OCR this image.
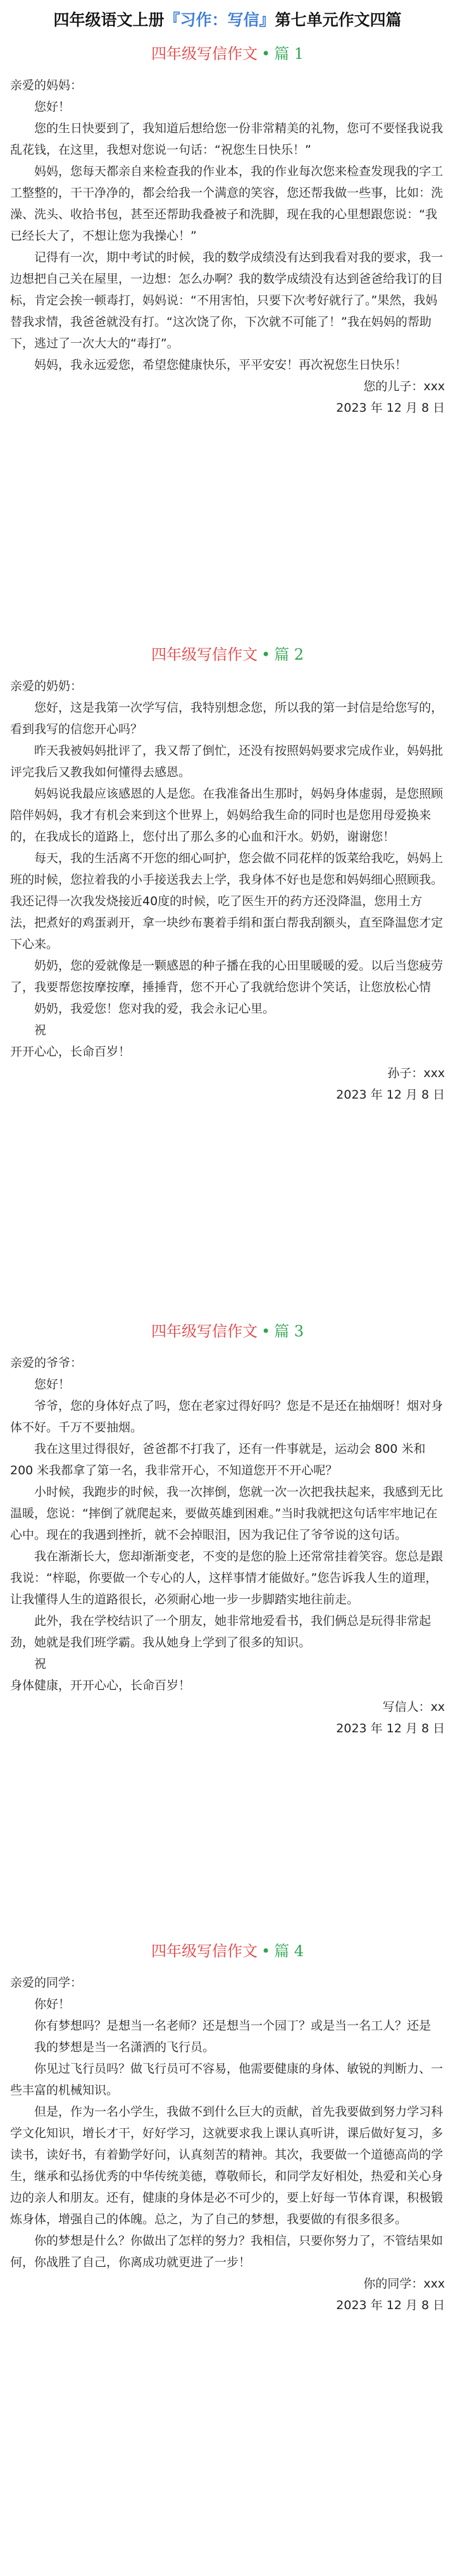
四年级语文上册『习作：写信』第七单元作文四篇
四年级写信作文 • 篇 1

亲爱的妈妈：

您好！

您的生日快要到了，我知道后想给您一份非常精美的礼物，您可不要怪我说我乱花钱，在这里，我想对您说一句话：“祝您生日快乐！”

妈妈，您每天都亲自来检查我的作业本，我的作业每次您来检查发现我的字工工整整的，干干净净的，都会给我一个满意的笑容，您还帮我做一些事，比如：洗澡、洗头、收拾书包，甚至还帮助我叠被子和洗脚，现在我的心里想跟您说：“我已经长大了，不想让您为我操心！”

记得有一次，期中考试的时候，我的数学成绩没有达到我看对我的要求，我一边想把自己关在屋里，一边想：怎么办啊？我的数学成绩没有达到爸爸给我订的目标，肯定会挨一顿毒打，妈妈说：“不用害怕，只要下次考好就行了。”果然，我妈替我求情，我爸爸就没有打。“这次饶了你，下次就不可能了！”我在妈妈的帮助下，逃过了一次大大的“毒打”。

妈妈，我永远爱您，希望您健康快乐，平平安安！再次祝您生日快乐！

您的儿子：xxx

2023 年 12 月 8 日

四年级写信作文 • 篇 2

亲爱的奶奶：

您好，这是我第一次学写信，我特别想念您，所以我的第一封信是给您写的，看到我写的信您开心吗？

昨天我被妈妈批评了，我又帮了倒忙，还没有按照妈妈要求完成作业，妈妈批评完我后又教我如何懂得去感恩。

妈妈说我最应该感恩的人是您。在我准备出生那时，妈妈身体虚弱，是您照顾陪伴妈妈，我才有机会来到这个世界上，妈妈给我生命的同时也是您用母爱换来的，在我成长的道路上，您付出了那么多的心血和汗水。奶奶，谢谢您！

每天，我的生活离不开您的细心呵护，您会做不同花样的饭菜给我吃，妈妈上班的时候，您拉着我的小手接送我去上学，我身体不好也是您和妈妈细心照顾我。我还记得一次我发烧接近40度的时候，吃了医生开的药方还没降温，您用土方法，把煮好的鸡蛋剥开，拿一块纱布裹着手绢和蛋白帮我刮额头，直至降温您才定下心来。

奶奶，您的爱就像是一颗感恩的种子播在我的心田里暖暖的爱。以后当您疲劳了，我要帮您按摩按摩，捶捶背，您不开心了我就给您讲个笑话，让您放松心情

奶奶，我爱您！您对我的爱，我会永记心里。

祝

开开心心，长命百岁！

孙子：xxx

2023 年 12 月 8 日

四年级写信作文 • 篇 3

亲爱的爷爷：

您好！

爷爷，您的身体好点了吗，您在老家过得好吗？您是不是还在抽烟呀！烟对身体不好。千万不要抽烟。

我在这里过得很好，爸爸都不打我了，还有一件事就是，运动会 800 米和 200 米我都拿了第一名，我非常开心，不知道您开不开心呢？

小时候，我跑步的时候，我一次摔倒，您就一次一次把我扶起来，我感到无比温暖，您说：“摔倒了就爬起来，要做英雄到困难。”当时我就把这句话牢牢地记在心中。现在的我遇到挫折，就不会掉眼泪，因为我记住了爷爷说的这句话。

我在渐渐长大，您却渐渐变老，不变的是您的脸上还常常挂着笑容。您总是跟我说：“梓聪，你要做一个专心的人，这样事情才能做好。”您告诉我人生的道理，让我懂得人生的道路很长，必须耐心地一步一步脚踏实地往前走。

此外，我在学校结识了一个朋友，她非常地爱看书，我们俩总是玩得非常起劲，她就是我们班学霸。我从她身上学到了很多的知识。

祝

身体健康，开开心心，长命百岁！

写信人：xx

2023 年 12 月 8 日

四年级写信作文 • 篇 4

亲爱的同学：

你好！

你有梦想吗？是想当一名老师？还是想当一个园丁？或是当一名工人？还是

我的梦想是当一名潇洒的飞行员。

你见过飞行员吗？做飞行员可不容易，他需要健康的身体、敏锐的判断力、一些丰富的机械知识。

但是，作为一名小学生，我做不到什么巨大的贡献，首先我要做到努力学习科学文化知识，增长才干，好好学习，这就要求我上课认真听讲，课后做好复习，多读书，读好书，有着勤学好问，认真刻苦的精神。其次，我要做一个道德高尚的学生，继承和弘扬优秀的中华传统美德，尊敬师长，和同学友好相处，热爱和关心身边的亲人和朋友。还有，健康的身体是必不可少的，要上好每一节体育课，积极锻炼身体，增强自己的体魄。总之，为了自己的梦想，我要做的有很多很多。

你的梦想是什么？你做出了怎样的努力？我相信，只要你努力了，不管结果如何，你战胜了自己，你离成功就更进了一步！

你的同学：xxx

2023 年 12 月 8 日
